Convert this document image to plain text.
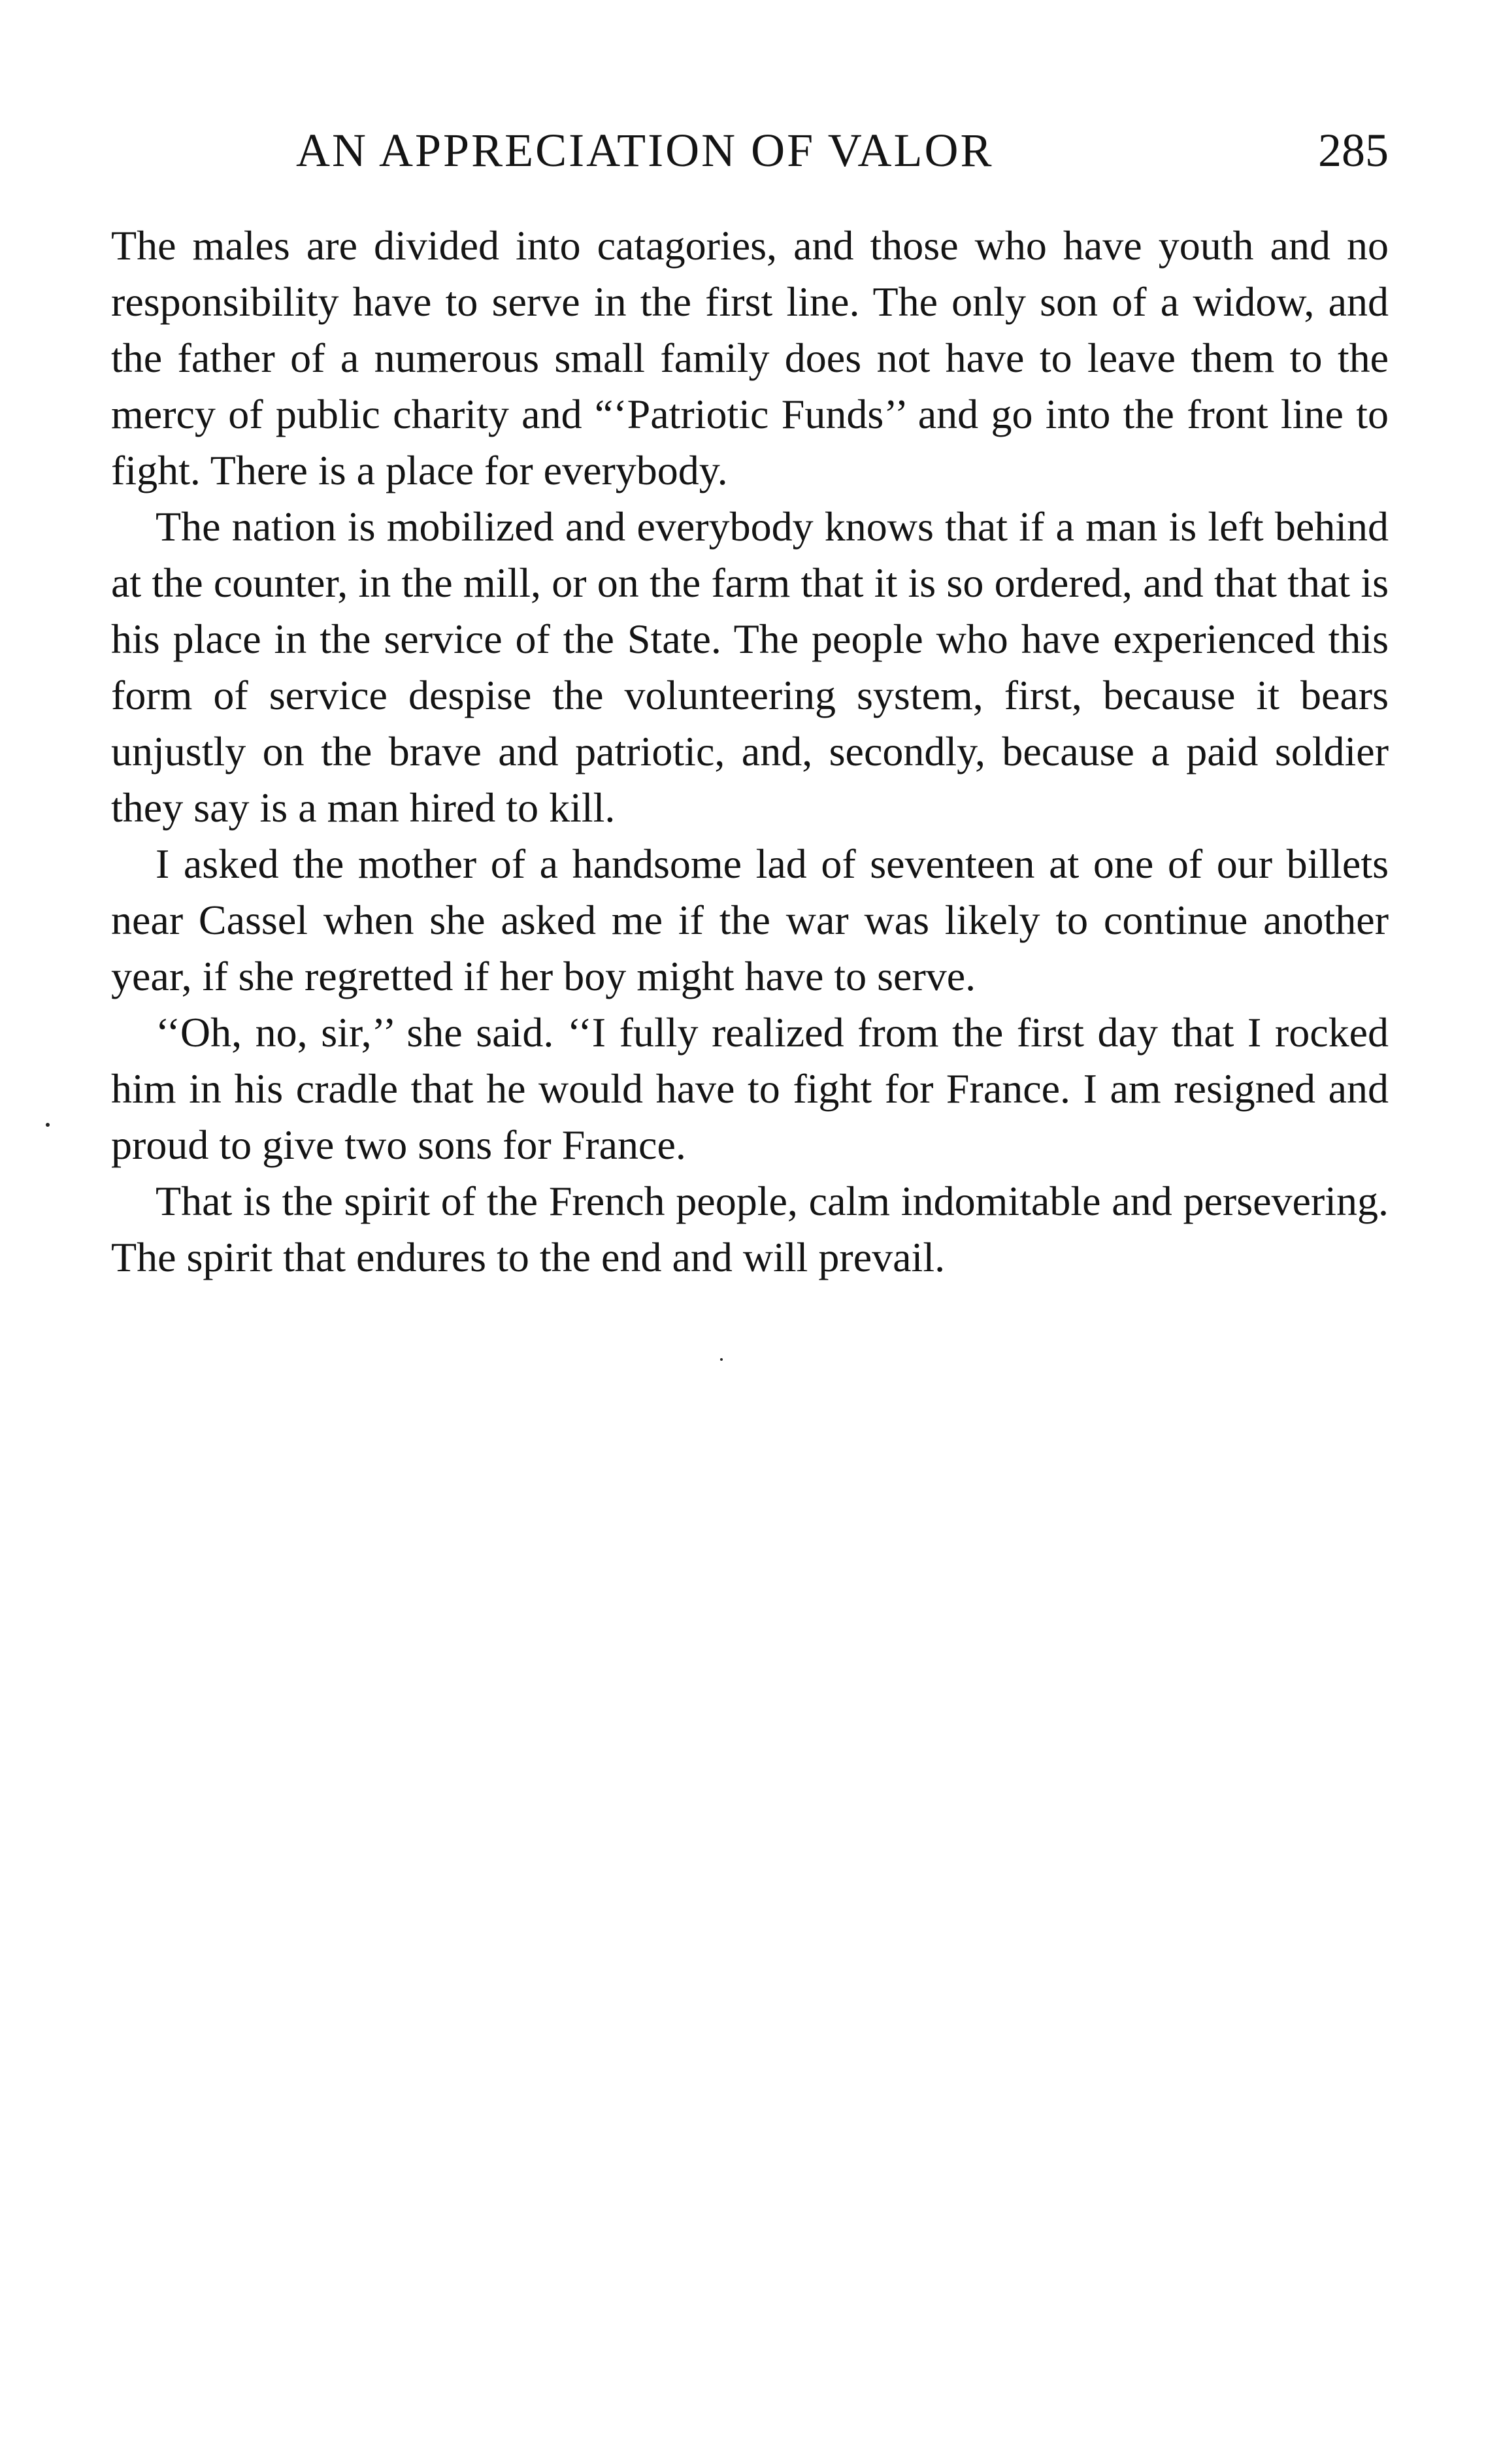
AN APPRECIATION OF VALOR	285

The males are divided into catagories, and those who have youth and no responsibility have to serve in the first line. The only son of a widow, and the father of a numerous small family does not have to leave them to the mercy of public charity and “‘Patriotic Funds’’ and go into the front line to fight. There is a place for everybody.

The nation is mobilized and everybody knows that if a man is left behind at the counter, in the mill, or on the farm that it is so ordered, and that that is his place in the service of the State. The people who have experienced this form of service despise the volunteering system, first, because it bears unjustly on the brave and patriotic, and, secondly, because a paid soldier they say is a man hired to kill.

I asked the mother of a handsome lad of seventeen at one of our billets near Cassel when she asked me if the war was likely to continue another year, if she regretted if her boy might have to serve.

‘‘Oh, no, sir,’’ she said. ‘‘I fully realized from the first day that I rocked him in his cradle that he would have to fight for France. I am resigned and proud to give two sons for France.

That is the spirit of the French people, calm indomitable and persevering. The spirit that endures to the end and will prevail.
